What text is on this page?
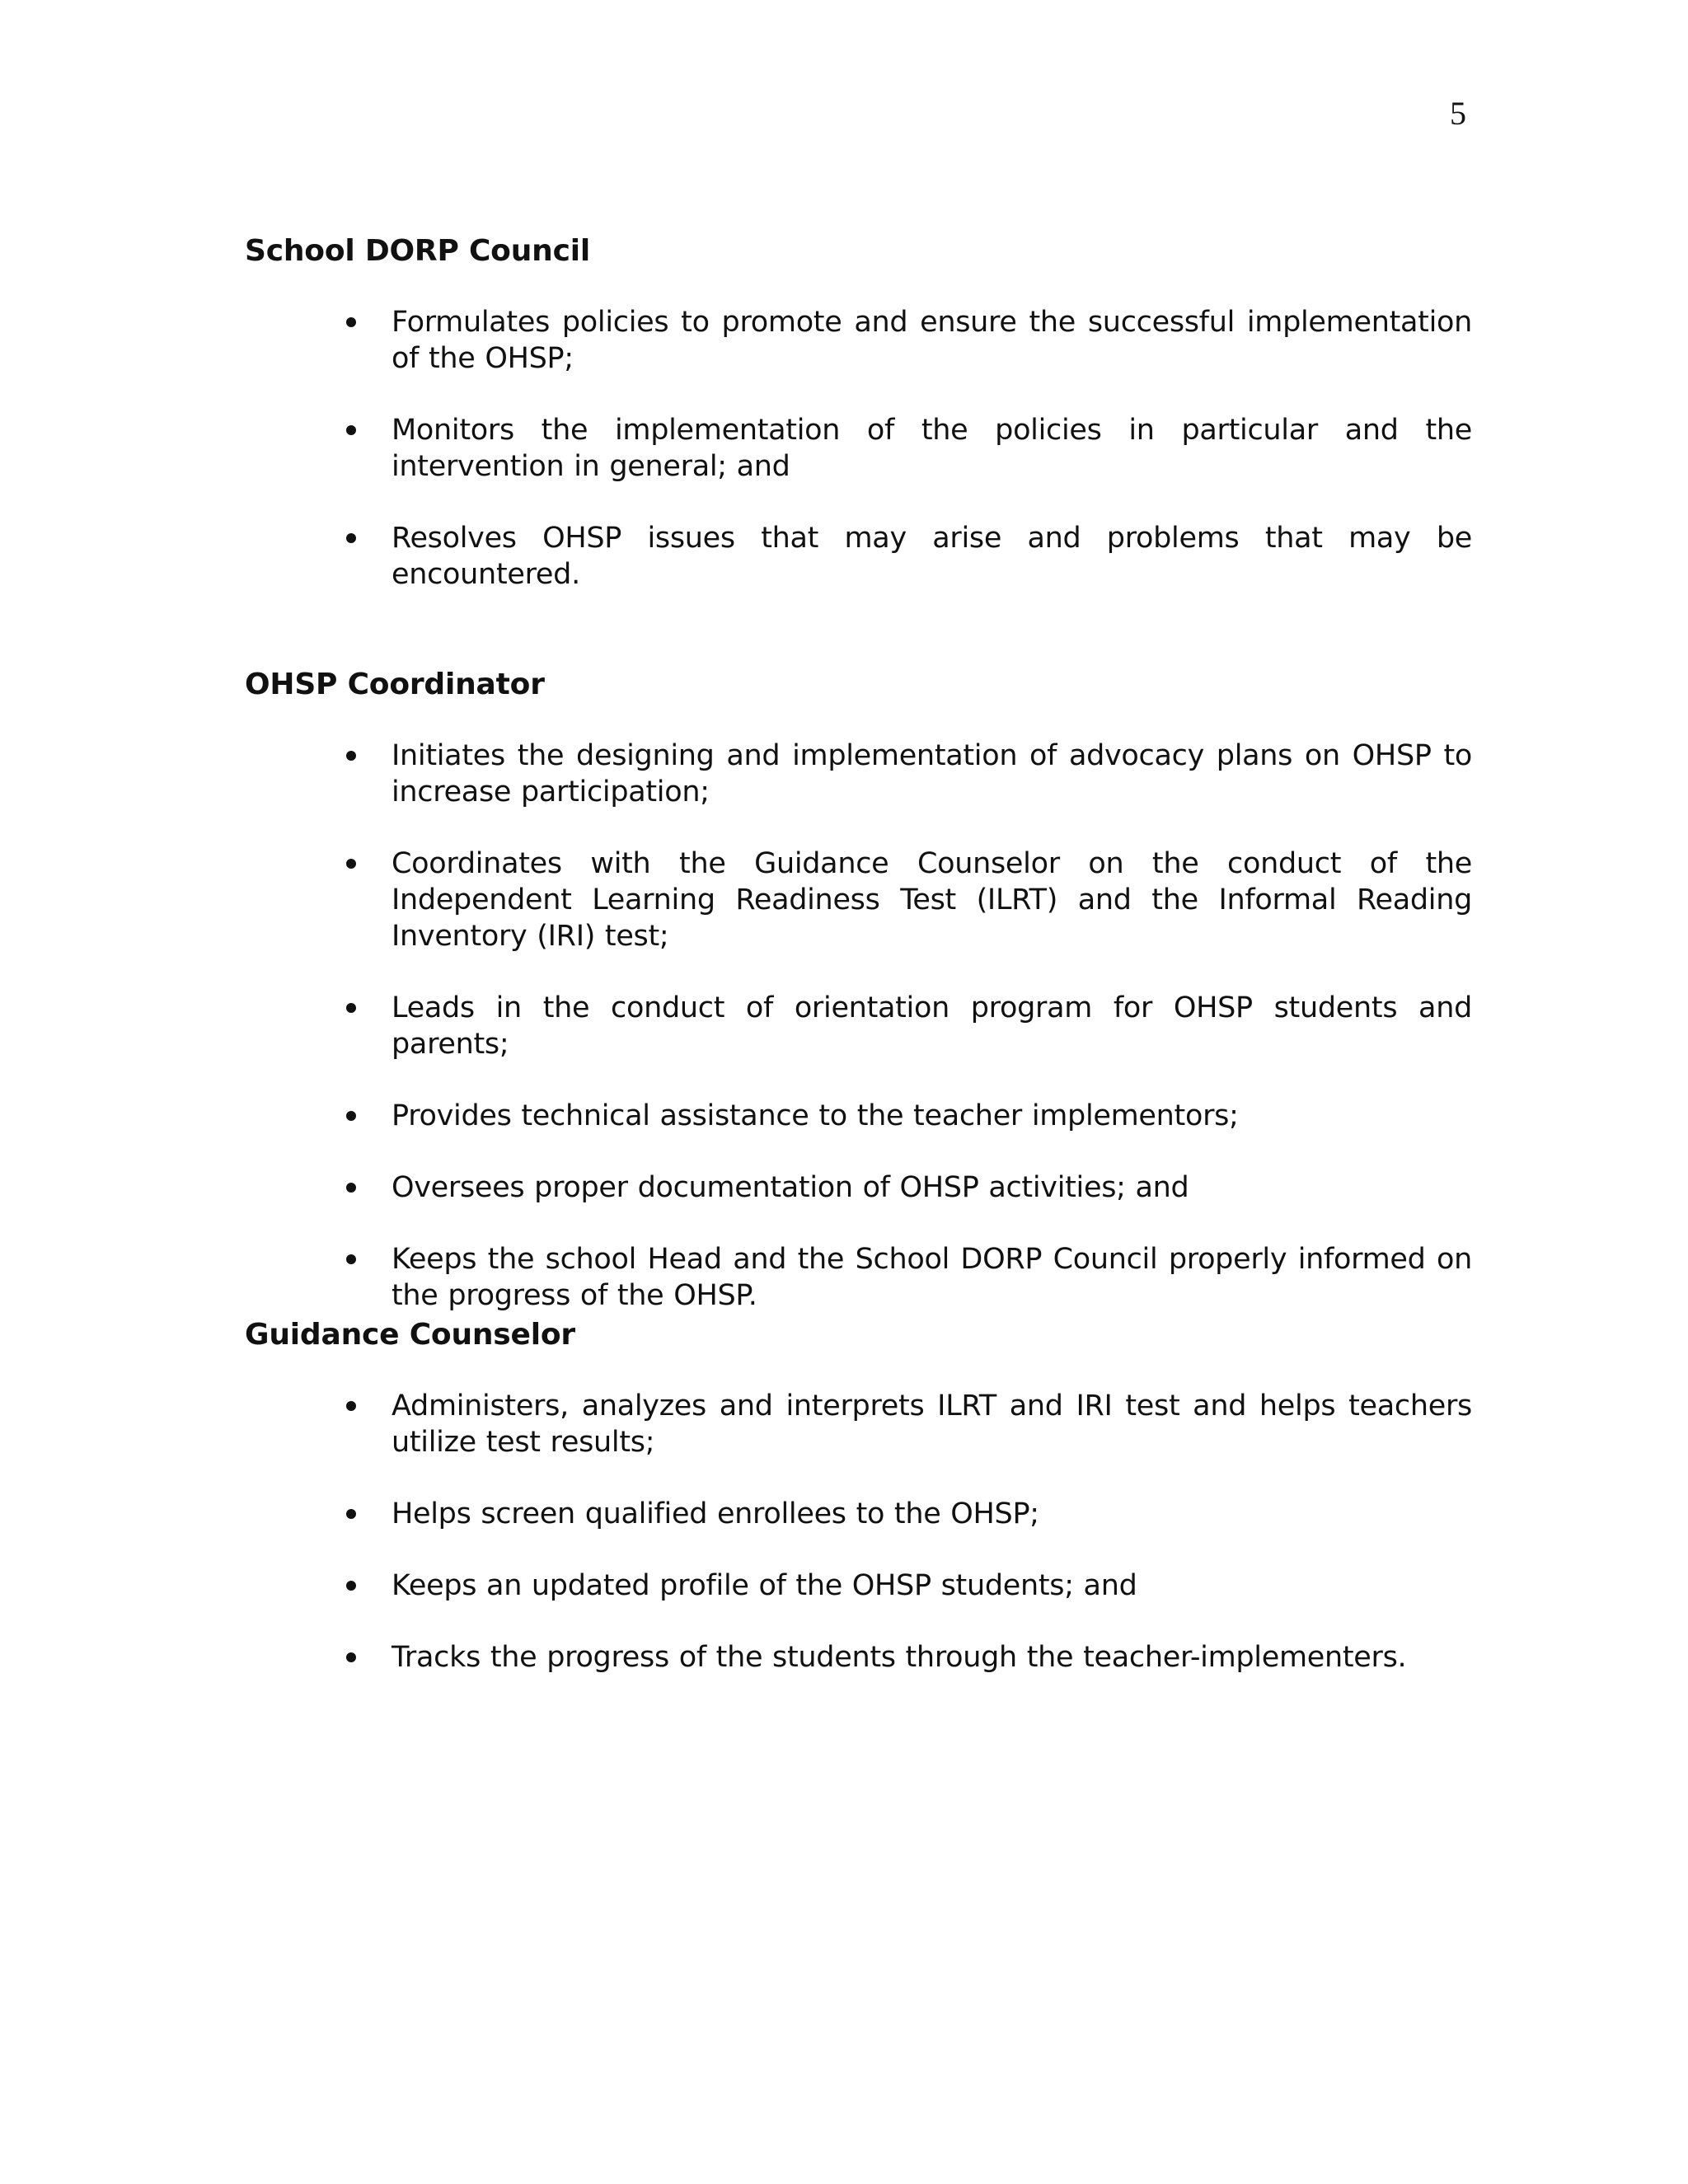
5
School DORP Council
Formulates policies to promote and ensure the successful implementation of the OHSP;
Monitors the implementation of the policies in particular and the intervention in general; and
Resolves OHSP issues that may arise and problems that may be encountered.
OHSP Coordinator
Initiates the designing and implementation of advocacy plans on OHSP to increase participation;
Coordinates with the Guidance Counselor on the conduct of the Independent Learning Readiness Test (ILRT) and the Informal Reading Inventory (IRI) test;
Leads in the conduct of orientation program for OHSP students and parents;
Provides technical assistance to the teacher implementors;
Oversees proper documentation of OHSP activities; and
Keeps the school Head and the School DORP Council properly informed on the progress of the OHSP.
Guidance Counselor
Administers, analyzes and interprets ILRT and IRI test and helps teachers utilize test results;
Helps screen qualified enrollees to the OHSP;
Keeps an updated profile of the OHSP students; and
Tracks the progress of the students through the teacher-implementers.
